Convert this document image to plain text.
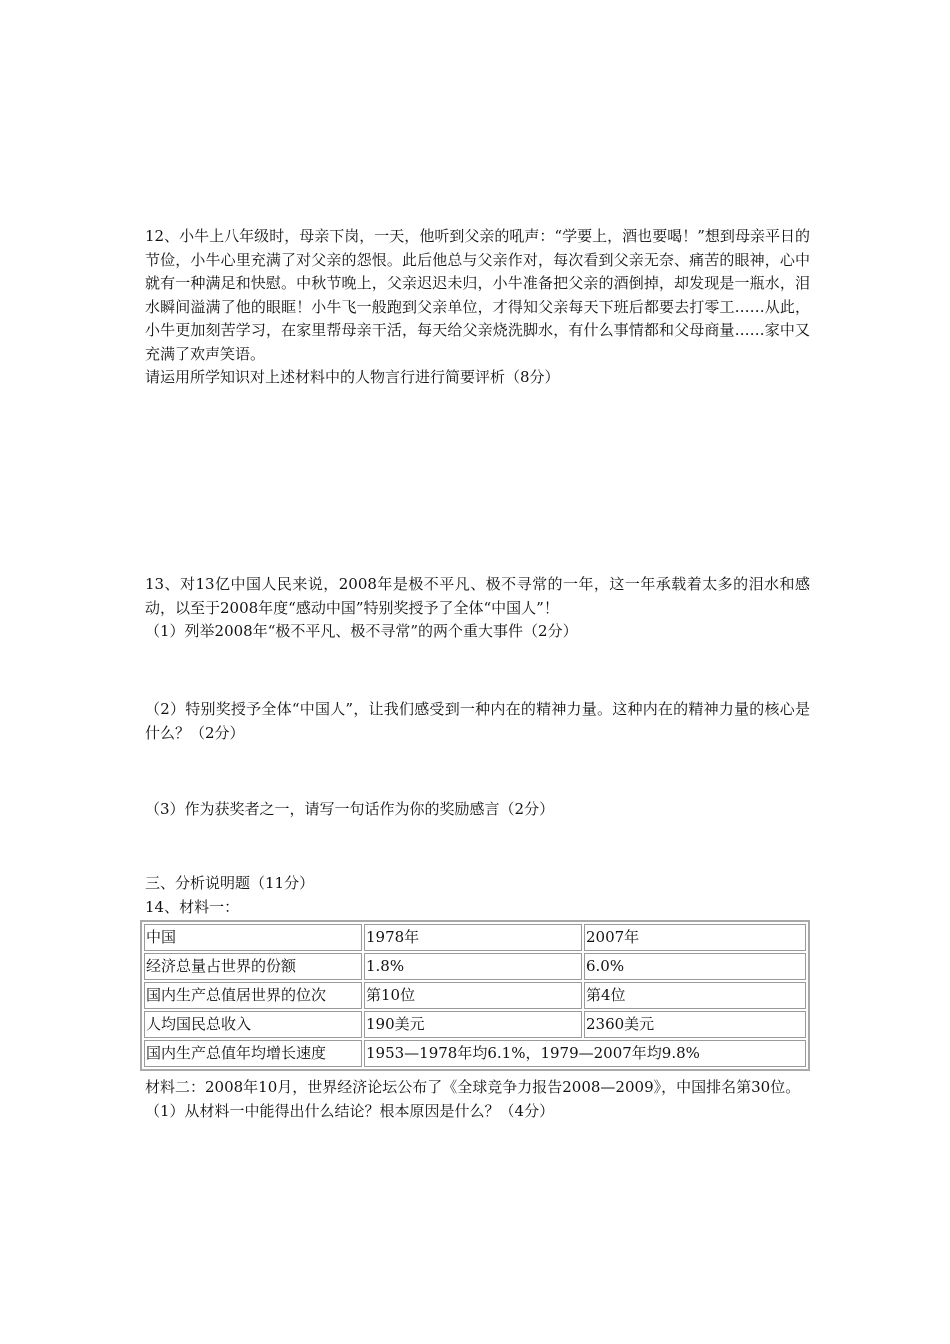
12、小牛上八年级时，母亲下岗，一天，他听到父亲的吼声：“学要上，酒也要喝！”想到母亲平日的节俭，小牛心里充满了对父亲的怨恨。此后他总与父亲作对，每次看到父亲无奈、痛苦的眼神，心中就有一种满足和快慰。中秋节晚上，父亲迟迟未归，小牛准备把父亲的酒倒掉，却发现是一瓶水，泪水瞬间溢满了他的眼眶！小牛飞一般跑到父亲单位，才得知父亲每天下班后都要去打零工……从此，小牛更加刻苦学习，在家里帮母亲干活，每天给父亲烧洗脚水，有什么事情都和父母商量……家中又充满了欢声笑语。

请运用所学知识对上述材料中的人物言行进行简要评析（8分）

13、对13亿中国人民来说，2008年是极不平凡、极不寻常的一年，这一年承载着太多的泪水和感动，以至于2008年度“感动中国”特别奖授予了全体“中国人”！

（1）列举2008年“极不平凡、极不寻常”的两个重大事件（2分）

（2）特别奖授予全体“中国人”，让我们感受到一种内在的精神力量。这种内在的精神力量的核心是什么？（2分）

（3）作为获奖者之一，请写一句话作为你的奖励感言（2分）

三、分析说明题（11分）

14、材料一：

中国	1978年	2007年
经济总量占世界的份额	1.8%	6.0%
国内生产总值居世界的位次	第10位	第4位
人均国民总收入	190美元	2360美元
国内生产总值年均增长速度	1953—1978年均6.1%，1979—2007年均9.8%	

材料二：2008年10月，世界经济论坛公布了《全球竞争力报告2008—2009》，中国排名第30位。

（1）从材料一中能得出什么结论？根本原因是什么？（4分）
